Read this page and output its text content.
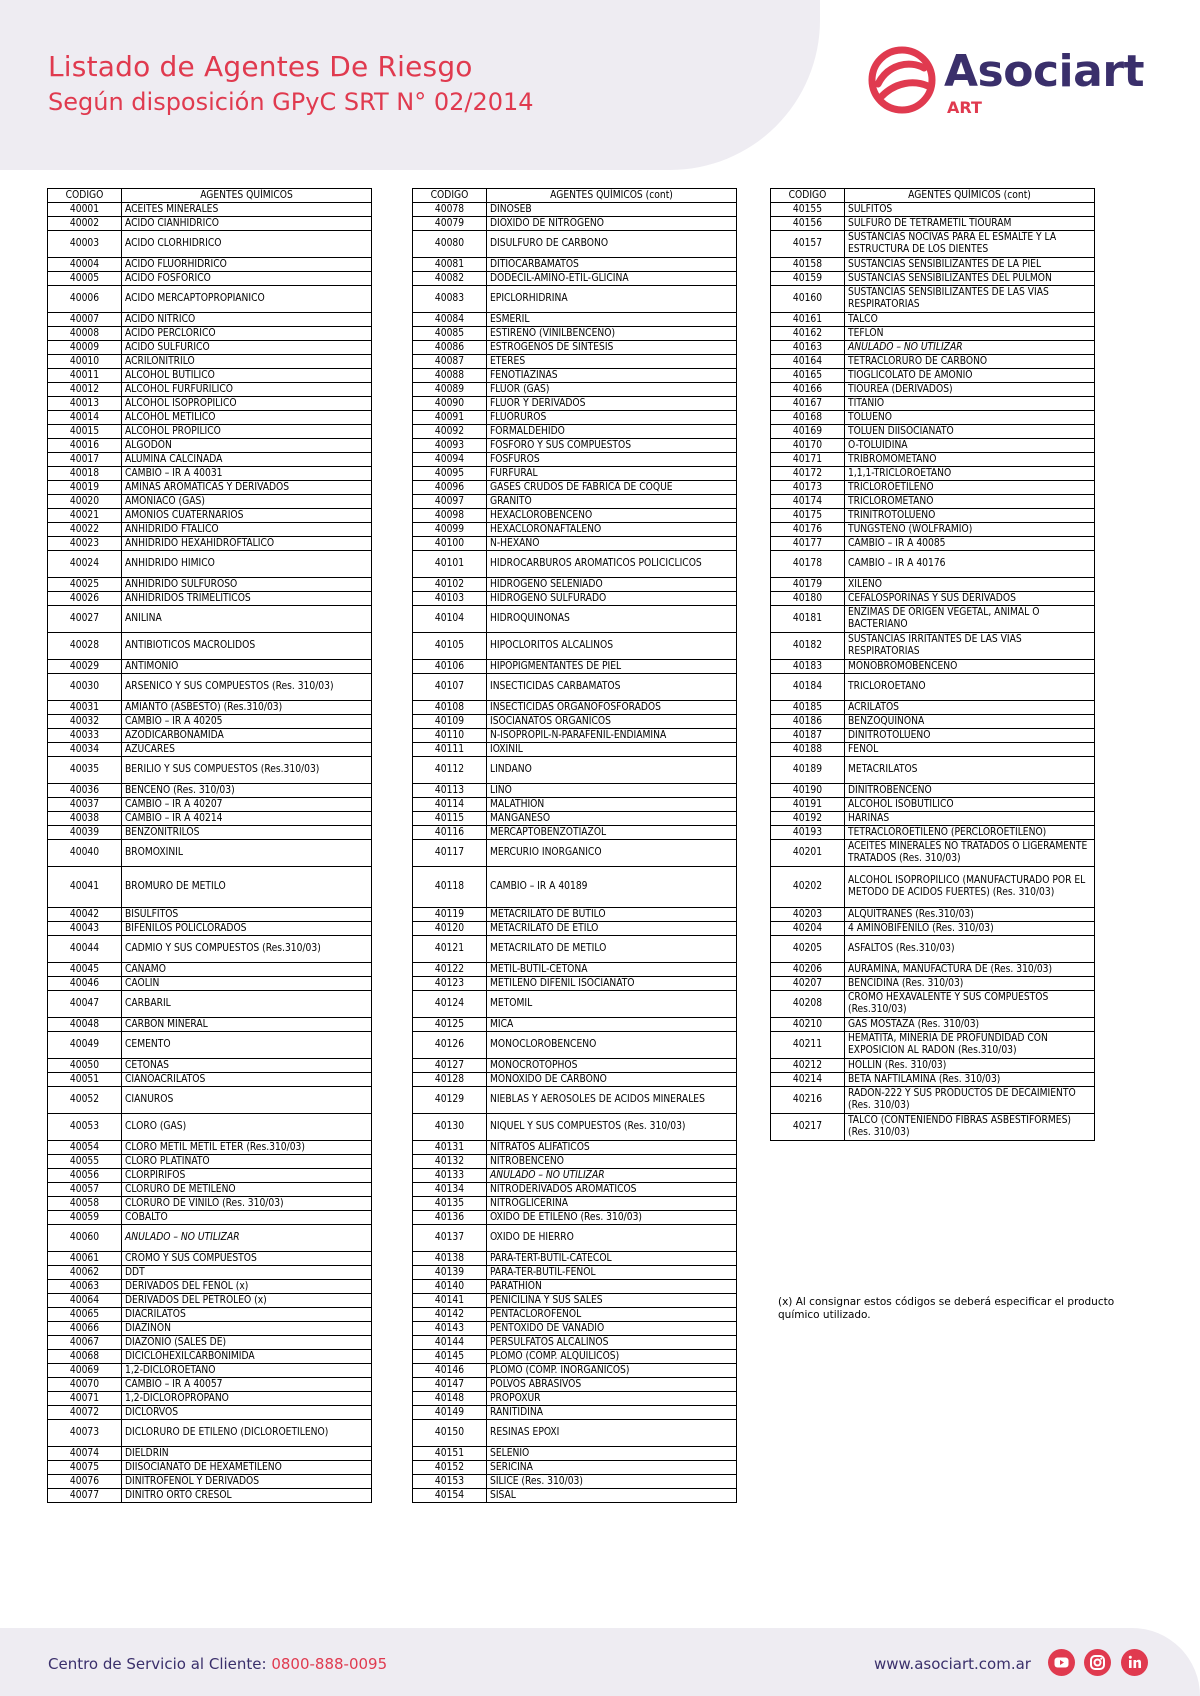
Listado de Agentes De Riesgo
Según disposición GPyC SRT N° 02/2014
Asociart
ART
CODIGO	AGENTES QUÍMICOS
40001	ACEITES MINERALES
40002	ACIDO CIANHIDRICO
40003	ACIDO CLORHIDRICO
40004	ACIDO FLUORHIDRICO
40005	ACIDO FOSFORICO
40006	ACIDO MERCAPTOPROPIANICO
40007	ACIDO NITRICO
40008	ACIDO PERCLORICO
40009	ACIDO SULFURICO
40010	ACRILONITRILO
40011	ALCOHOL BUTILICO
40012	ALCOHOL FURFURILICO
40013	ALCOHOL ISOPROPILICO
40014	ALCOHOL METILICO
40015	ALCOHOL PROPILICO
40016	ALGODÓN
40017	ALUMINA CALCINADA
40018	CAMBIO – IR A 40031
40019	AMINAS AROMATICAS Y DERIVADOS
40020	AMONIACO (GAS)
40021	AMONIOS CUATERNARIOS
40022	ANHIDRIDO FTALICO
40023	ANHIDRIDO HEXAHIDROFTALICO
40024	ANHIDRIDO HIMICO
40025	ANHIDRIDO SULFUROSO
40026	ANHIDRIDOS TRIMELITICOS
40027	ANILINA
40028	ANTIBIOTICOS MACROLIDOS
40029	ANTIMONIO
40030	ARSENICO Y SUS COMPUESTOS (Res. 310/03)
40031	AMIANTO (ASBESTO) (Res.310/03)
40032	CAMBIO – IR A 40205
40033	AZODICARBONAMIDA
40034	AZUCARES
40035	BERILIO Y SUS COMPUESTOS (Res.310/03)
40036	BENCENO (Res. 310/03)
40037	CAMBIO – IR A 40207
40038	CAMBIO – IR A 40214
40039	BENZONITRILOS
40040	BROMOXINIL
40041	BROMURO DE METILO
40042	BISULFITOS
40043	BIFENILOS POLICLORADOS
40044	CADMIO Y SUS COMPUESTOS (Res.310/03)
40045	CAÑAMO
40046	CAOLIN
40047	CARBARIL
40048	CARBON MINERAL
40049	CEMENTO
40050	CETONAS
40051	CIANOACRILATOS
40052	CIANUROS
40053	CLORO (GAS)
40054	CLORO METIL METIL ETER (Res.310/03)
40055	CLORO PLATINATO
40056	CLORPIRIFOS
40057	CLORURO DE METILENO
40058	CLORURO DE VINILO (Res. 310/03)
40059	COBALTO
40060	ANULADO – NO UTILIZAR
40061	CROMO Y SUS COMPUESTOS
40062	DDT
40063	DERIVADOS DEL FENOL (x)
40064	DERIVADOS DEL PETROLEO (x)
40065	DIACRILATOS
40066	DIAZINON
40067	DIAZONIO (SALES DE)
40068	DICICLOHEXILCARBONIMIDA
40069	1,2-DICLOROETANO
40070	CAMBIO – IR A 40057
40071	1,2-DICLOROPROPANO
40072	DICLORVOS
40073	DICLORURO DE ETILENO (DICLOROETILENO)
40074	DIELDRIN
40075	DIISOCIANATO DE HEXAMETILENO
40076	DINITROFENOL Y DERIVADOS
40077	DINITRO ORTO CRESOL
CODIGO	AGENTES QUÍMICOS (cont)
40078	DINOSEB
40079	DIOXIDO DE NITROGENO
40080	DISULFURO DE CARBONO
40081	DITIOCARBAMATOS
40082	DODECIL-AMINO-ETIL-GLICINA
40083	EPICLORHIDRINA
40084	ESMERIL
40085	ESTIRENO (VINILBENCENO)
40086	ESTROGENOS DE SINTESIS
40087	ETERES
40088	FENOTIAZINAS
40089	FLUOR (GAS)
40090	FLUOR Y DERIVADOS
40091	FLUORUROS
40092	FORMALDEHIDO
40093	FOSFORO Y SUS COMPUESTOS
40094	FOSFUROS
40095	FURFURAL
40096	GASES CRUDOS DE FABRICA DE COQUE
40097	GRANITO
40098	HEXACLOROBENCENO
40099	HEXACLORONAFTALENO
40100	N-HEXANO
40101	HIDROCARBUROS AROMATICOS POLICICLICOS
40102	HIDROGENO SELENIADO
40103	HIDROGENO SULFURADO
40104	HIDROQUINONAS
40105	HIPOCLORITOS ALCALINOS
40106	HIPOPIGMENTANTES DE PIEL
40107	INSECTICIDAS CARBAMATOS
40108	INSECTICIDAS ORGANOFOSFORADOS
40109	ISOCIANATOS ORGANICOS
40110	N-ISOPROPIL-N-PARAFENIL-ENDIAMINA
40111	IOXINIL
40112	LINDANO
40113	LINO
40114	MALATHION
40115	MANGANESO
40116	MERCAPTOBENZOTIAZOL
40117	MERCURIO INORGANICO
40118	CAMBIO – IR A 40189
40119	METACRILATO DE BUTILO
40120	METACRILATO DE ETILO
40121	METACRILATO DE METILO
40122	METIL-BUTIL-CETONA
40123	METILENO DIFENIL ISOCIANATO
40124	METOMIL
40125	MICA
40126	MONOCLOROBENCENO
40127	MONOCROTOPHOS
40128	MONOXIDO DE CARBONO
40129	NIEBLAS Y AEROSOLES DE ACIDOS MINERALES
40130	NIQUEL Y SUS COMPUESTOS (Res. 310/03)
40131	NITRATOS ALIFATICOS
40132	NITROBENCENO
40133	ANULADO – NO UTILIZAR
40134	NITRODERIVADOS AROMATICOS
40135	NITROGLICERINA
40136	OXIDO DE ETILENO (Res. 310/03)
40137	OXIDO DE HIERRO
40138	PARA-TERT-BUTIL-CATECOL
40139	PARA-TER-BUTIL-FENOL
40140	PARATHION
40141	PENICILINA Y SUS SALES
40142	PENTACLOROFENOL
40143	PENTOXIDO DE VANADIO
40144	PERSULFATOS ALCALINOS
40145	PLOMO (COMP. ALQUILICOS)
40146	PLOMO (COMP. INORGANICOS)
40147	POLVOS ABRASIVOS
40148	PROPOXUR
40149	RANITIDINA
40150	RESINAS EPOXI
40151	SELENIO
40152	SERICINA
40153	SILICE (Res. 310/03)
40154	SISAL
CODIGO	AGENTES QUÍMICOS (cont)
40155	SULFITOS
40156	SULFURO DE TETRAMETIL TIOURAM
40157	SUSTANCIAS NOCIVAS PARA EL ESMALTE Y LA ESTRUCTURA DE LOS DIENTES
40158	SUSTANCIAS SENSIBILIZANTES DE LA PIEL
40159	SUSTANCIAS SENSIBILIZANTES DEL PULMON
40160	SUSTANCIAS SENSIBILIZANTES DE LAS VIAS RESPIRATORIAS
40161	TALCO
40162	TEFLON
40163	ANULADO – NO UTILIZAR
40164	TETRACLORURO DE CARBONO
40165	TIOGLICOLATO DE AMONIO
40166	TIOUREA (DERIVADOS)
40167	TITANIO
40168	TOLUENO
40169	TOLUEN DIISOCIANATO
40170	O-TOLUIDINA
40171	TRIBROMOMETANO
40172	1,1,1-TRICLOROETANO
40173	TRICLOROETILENO
40174	TRICLOROMETANO
40175	TRINITROTOLUENO
40176	TUNGSTENO (WOLFRAMIO)
40177	CAMBIO – IR A 40085
40178	CAMBIO – IR A 40176
40179	XILENO
40180	CEFALOSPORINAS Y SUS DERIVADOS
40181	ENZIMAS DE ORIGEN VEGETAL, ANIMAL O BACTERIANO
40182	SUSTANCIAS IRRITANTES DE LAS VIAS RESPIRATORIAS
40183	MONOBROMOBENCENO
40184	TRICLOROETANO
40185	ACRILATOS
40186	BENZOQUINONA
40187	DINITROTOLUENO
40188	FENOL
40189	METACRILATOS
40190	DINITROBENCENO
40191	ALCOHOL ISOBUTILICO
40192	HARINAS
40193	TETRACLOROETILENO (PERCLOROETILENO)
40201	ACEITES MINERALES NO TRATADOS O LIGERAMENTE TRATADOS (Res. 310/03)
40202	ALCOHOL ISOPROPILICO (MANUFACTURADO POR EL METODO DE ACIDOS FUERTES) (Res. 310/03)
40203	ALQUITRANES (Res.310/03)
40204	4 AMINOBIFENILO (Res. 310/03)
40205	ASFALTOS (Res.310/03)
40206	AURAMINA, MANUFACTURA DE (Res. 310/03)
40207	BENCIDINA (Res. 310/03)
40208	CROMO HEXAVALENTE Y SUS COMPUESTOS (Res.310/03)
40210	GAS MOSTAZA (Res. 310/03)
40211	HEMATITA, MINERIA DE PROFUNDIDAD CON EXPOSICION AL RADON (Res.310/03)
40212	HOLLIN (Res. 310/03)
40214	BETA NAFTILAMINA (Res. 310/03)
40216	RADON-222 Y SUS PRODUCTOS DE DECAIMIENTO (Res. 310/03)
40217	TALCO (CONTENIENDO FIBRAS ASBESTIFORMES) (Res. 310/03)
(x) Al consignar estos códigos se deberá especificar el producto químico utilizado.
Centro de Servicio al Cliente: 0800-888-0095	www.asociart.com.ar
